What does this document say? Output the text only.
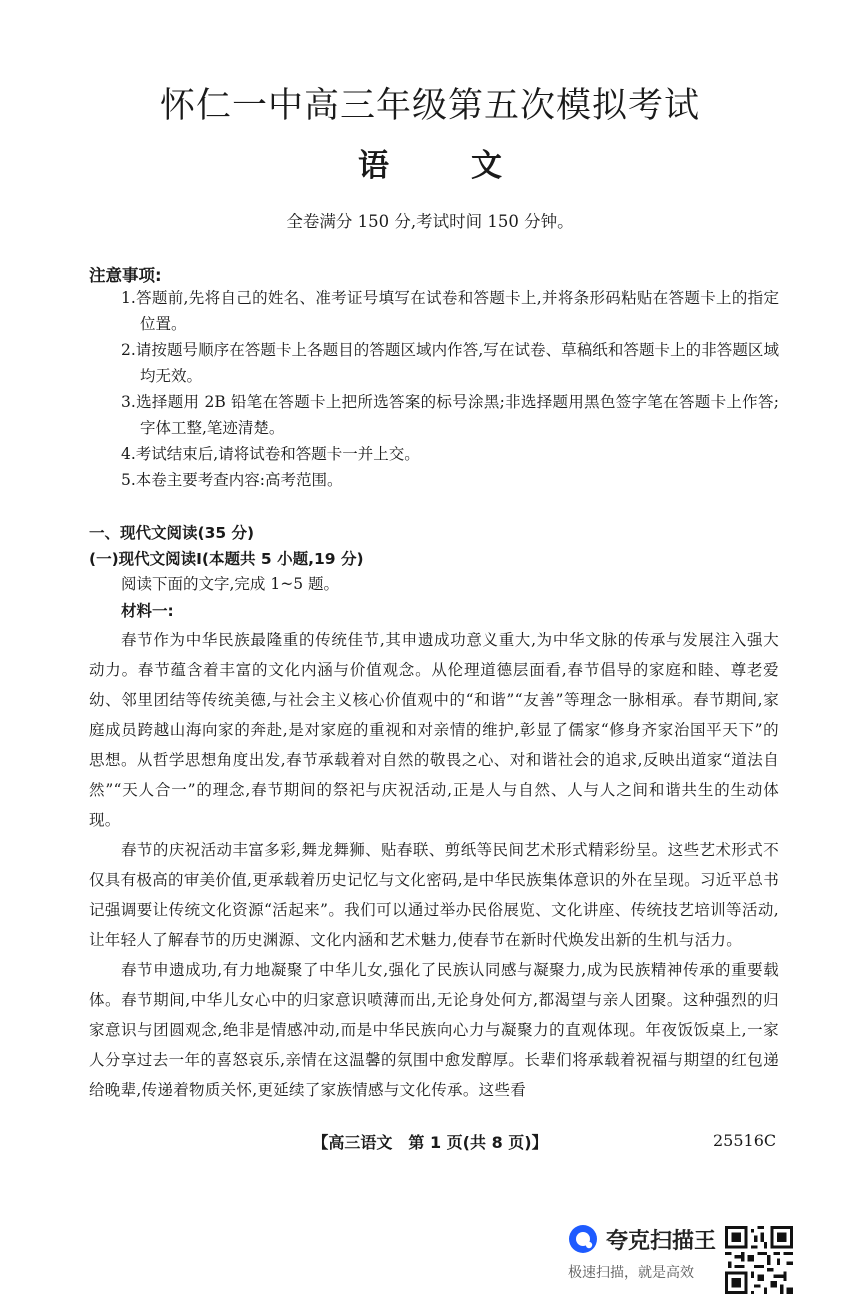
怀仁一中高三年级第五次模拟考试
语	文
全卷满分 150 分,考试时间 150 分钟。
注意事项:
1.答题前,先将自己的姓名、准考证号填写在试卷和答题卡上,并将条形码粘贴在答题卡上的指定位置。
2.请按题号顺序在答题卡上各题目的答题区域内作答,写在试卷、草稿纸和答题卡上的非答题区域均无效。
3.选择题用 2B 铅笔在答题卡上把所选答案的标号涂黑;非选择题用黑色签字笔在答题卡上作答;字体工整,笔迹清楚。
4.考试结束后,请将试卷和答题卡一并上交。
5.本卷主要考查内容:高考范围。
一、现代文阅读(35 分)
(一)现代文阅读Ⅰ(本题共 5 小题,19 分)

阅读下面的文字,完成 1~5 题。

材料一:

春节作为中华民族最隆重的传统佳节,其申遗成功意义重大,为中华文脉的传承与发展注入强大动力。春节蕴含着丰富的文化内涵与价值观念。从伦理道德层面看,春节倡导的家庭和睦、尊老爱幼、邻里团结等传统美德,与社会主义核心价值观中的“和谐”“友善”等理念一脉相承。春节期间,家庭成员跨越山海向家的奔赴,是对家庭的重视和对亲情的维护,彰显了儒家“修身齐家治国平天下”的思想。从哲学思想角度出发,春节承载着对自然的敬畏之心、对和谐社会的追求,反映出道家“道法自然”“天人合一”的理念,春节期间的祭祀与庆祝活动,正是人与自然、人与人之间和谐共生的生动体现。

春节的庆祝活动丰富多彩,舞龙舞狮、贴春联、剪纸等民间艺术形式精彩纷呈。这些艺术形式不仅具有极高的审美价值,更承载着历史记忆与文化密码,是中华民族集体意识的外在呈现。习近平总书记强调要让传统文化资源“活起来”。我们可以通过举办民俗展览、文化讲座、传统技艺培训等活动,让年轻人了解春节的历史渊源、文化内涵和艺术魅力,使春节在新时代焕发出新的生机与活力。

春节申遗成功,有力地凝聚了中华儿女,强化了民族认同感与凝聚力,成为民族精神传承的重要载体。春节期间,中华儿女心中的归家意识喷薄而出,无论身处何方,都渴望与亲人团聚。这种强烈的归家意识与团圆观念,绝非是情感冲动,而是中华民族向心力与凝聚力的直观体现。年夜饭饭桌上,一家人分享过去一年的喜怒哀乐,亲情在这温馨的氛围中愈发醇厚。长辈们将承载着祝福与期望的红包递给晚辈,传递着物质关怀,更延续了家族情感与文化传承。这些看

【高三语文　第 1 页(共 8 页)】	25516C
夸克扫描王
极速扫描，就是高效
